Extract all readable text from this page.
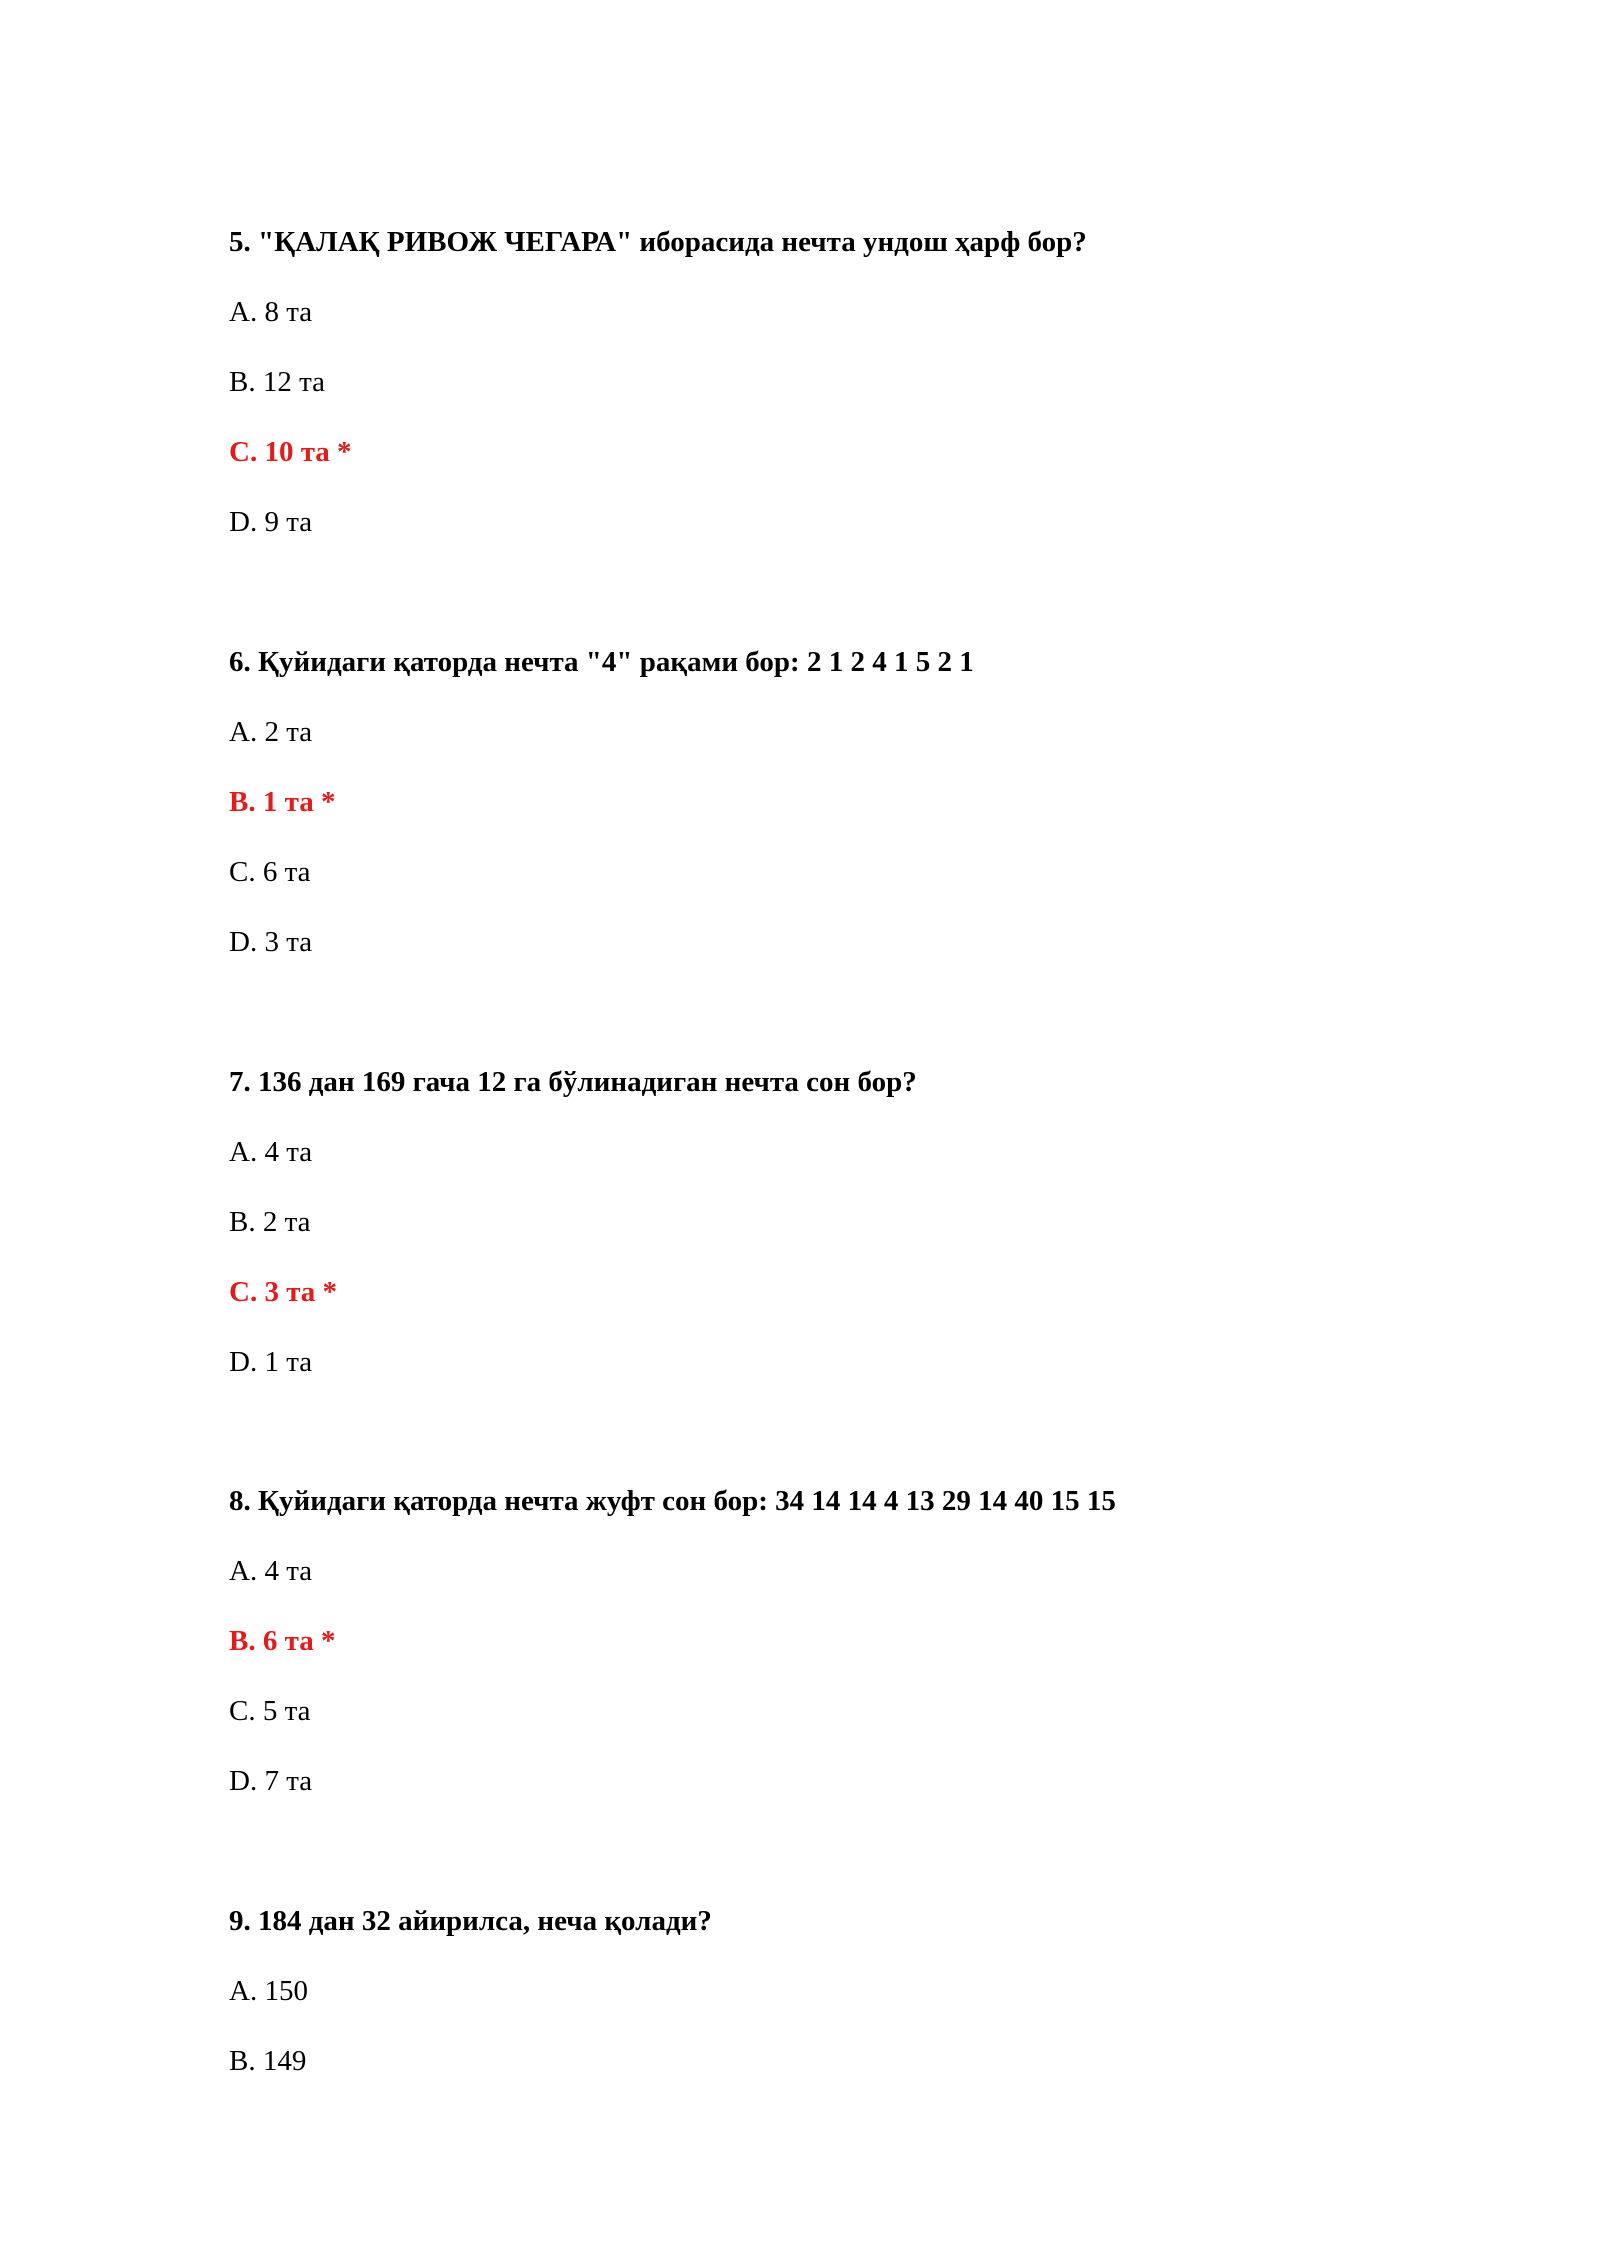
5. "ҚАЛАҚ РИВОЖ ЧЕГАРА" иборасида нечта ундош ҳарф бор?
A. 8 та
B. 12 та
C. 10 та *
D. 9 та
6. Қуйидаги қаторда нечта "4" рақами бор: 2 1 2 4 1 5 2 1
A. 2 та
B. 1 та *
C. 6 та
D. 3 та
7. 136 дан 169 гача 12 га бўлинадиган нечта сон бор?
A. 4 та
B. 2 та
C. 3 та *
D. 1 та
8. Қуйидаги қаторда нечта жуфт сон бор: 34 14 14 4 13 29 14 40 15 15
A. 4 та
B. 6 та *
C. 5 та
D. 7 та
9. 184 дан 32 айирилса, неча қолади?
A. 150
B. 149
